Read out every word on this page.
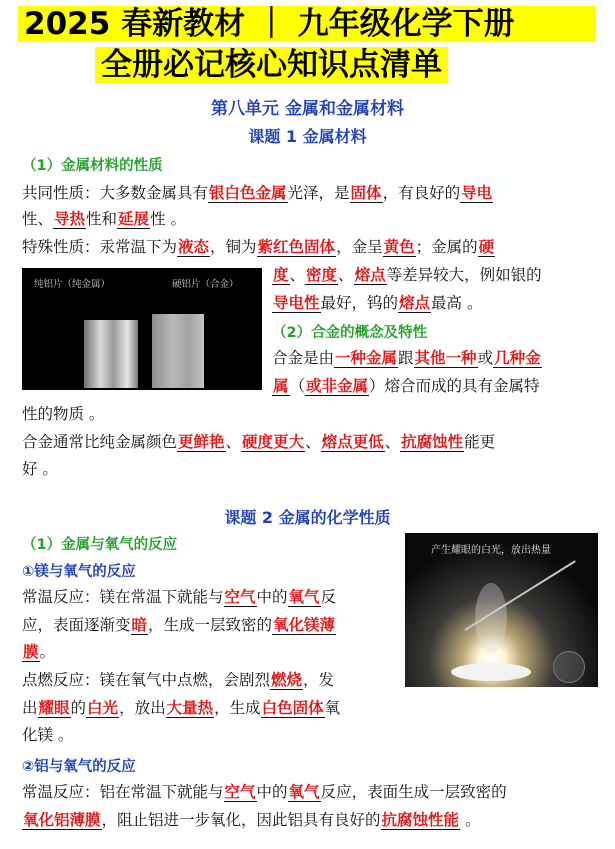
2025 春新教材 ｜ 九年级化学下册
全册必记核心知识点清单
第八单元 金属和金属材料
课题 1 金属材料
（1）金属材料的性质
共同性质：大多数金属具有银白色金属光泽，是固体，有良好的导电
性、导热性和延展性 。
特殊性质：汞常温下为液态，铜为紫红色固体，金呈黄色；金属的硬
纯铝片（纯金属）	硬铝片（合金）
度、密度、熔点等差异较大，例如银的
导电性最好，钨的熔点最高 。
（2）合金的概念及特性
合金是由一种金属跟其他一种或几种金
属（或非金属）熔合而成的具有金属特
性的物质 。
合金通常比纯金属颜色更鲜艳、硬度更大、熔点更低、抗腐蚀性能更
好 。
课题 2 金属的化学性质
（1）金属与氧气的反应
①镁与氧气的反应
产生耀眼的白光，放出热量
常温反应：镁在常温下就能与空气中的氧气反
应，表面逐渐变暗，生成一层致密的氧化镁薄
膜。
点燃反应：镁在氧气中点燃，会剧烈燃烧，发
出耀眼的白光，放出大量热，生成白色固体氧
化镁 。
②铝与氧气的反应
常温反应：铝在常温下就能与空气中的氧气反应，表面生成一层致密的
氧化铝薄膜，阻止铝进一步氧化，因此铝具有良好的抗腐蚀性能 。
